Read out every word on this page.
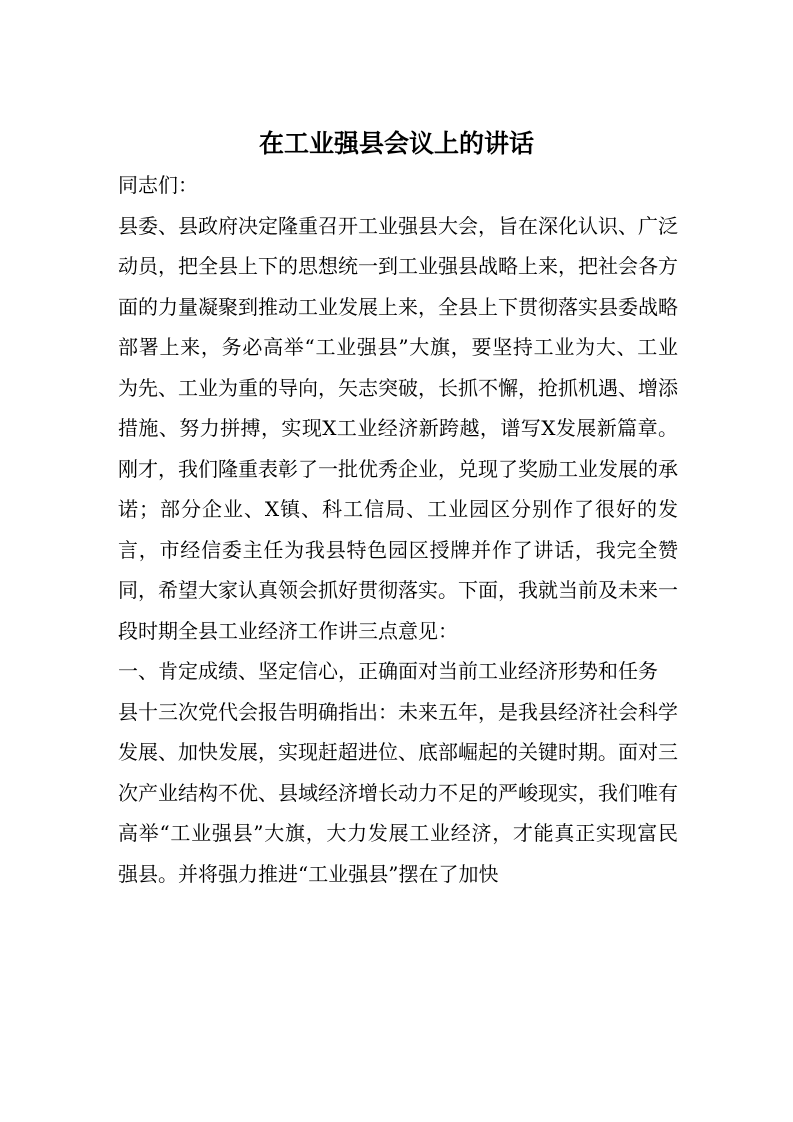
在工业强县会议上的讲话

同志们：

县委、县政府决定隆重召开工业强县大会，旨在深化认识、广泛动员，把全县上下的思想统一到工业强县战略上来，把社会各方面的力量凝聚到推动工业发展上来，全县上下贯彻落实县委战略部署上来，务必高举“工业强县”大旗，要坚持工业为大、工业为先、工业为重的导向，矢志突破，长抓不懈，抢抓机遇、增添措施、努力拼搏，实现X工业经济新跨越，谱写X发展新篇章。刚才，我们隆重表彰了一批优秀企业，兑现了奖励工业发展的承诺；部分企业、X镇、科工信局、工业园区分别作了很好的发言，市经信委主任为我县特色园区授牌并作了讲话，我完全赞同，希望大家认真领会抓好贯彻落实。下面，我就当前及未来一段时期全县工业经济工作讲三点意见：

一、肯定成绩、坚定信心，正确面对当前工业经济形势和任务

县十三次党代会报告明确指出：未来五年，是我县经济社会科学发展、加快发展，实现赶超进位、底部崛起的关键时期。面对三次产业结构不优、县域经济增长动力不足的严峻现实，我们唯有高举“工业强县”大旗，大力发展工业经济，才能真正实现富民强县。并将强力推进“工业强县”摆在了加快
